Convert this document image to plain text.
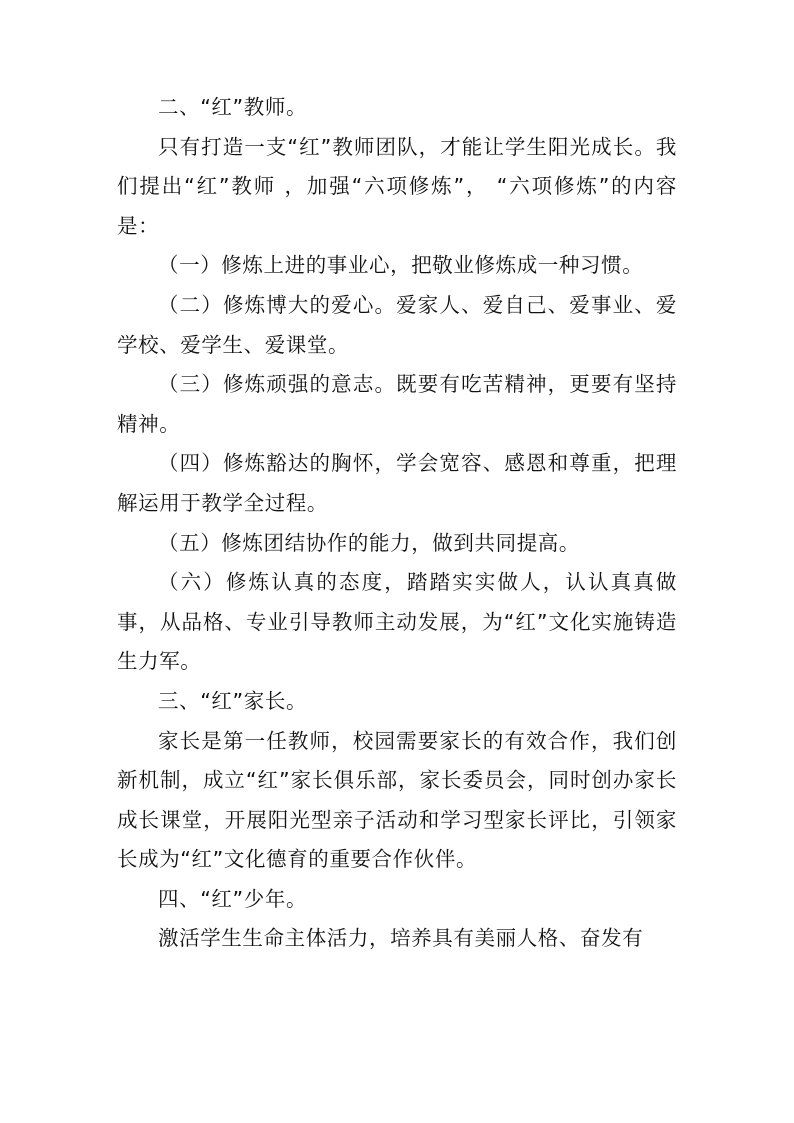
二、“红”教师。

只有打造一支“红”教师团队，才能让学生阳光成长。我们提出“红”教师 ，加强“六项修炼”， “六项修炼”的内容是：

（一）修炼上进的事业心，把敬业修炼成一种习惯。

（二）修炼博大的爱心。爱家人、爱自己、爱事业、爱学校、爱学生、爱课堂。

（三）修炼顽强的意志。既要有吃苦精神，更要有坚持精神。

（四）修炼豁达的胸怀，学会宽容、感恩和尊重，把理解运用于教学全过程。

（五）修炼团结协作的能力，做到共同提高。

（六）修炼认真的态度，踏踏实实做人，认认真真做事，从品格、专业引导教师主动发展，为“红”文化实施铸造生力军。

三、“红”家长。

家长是第一任教师，校园需要家长的有效合作，我们创新机制，成立“红”家长俱乐部，家长委员会，同时创办家长成长课堂，开展阳光型亲子活动和学习型家长评比，引领家长成为“红”文化德育的重要合作伙伴。

四、“红”少年。

激活学生生命主体活力，培养具有美丽人格、奋发有
